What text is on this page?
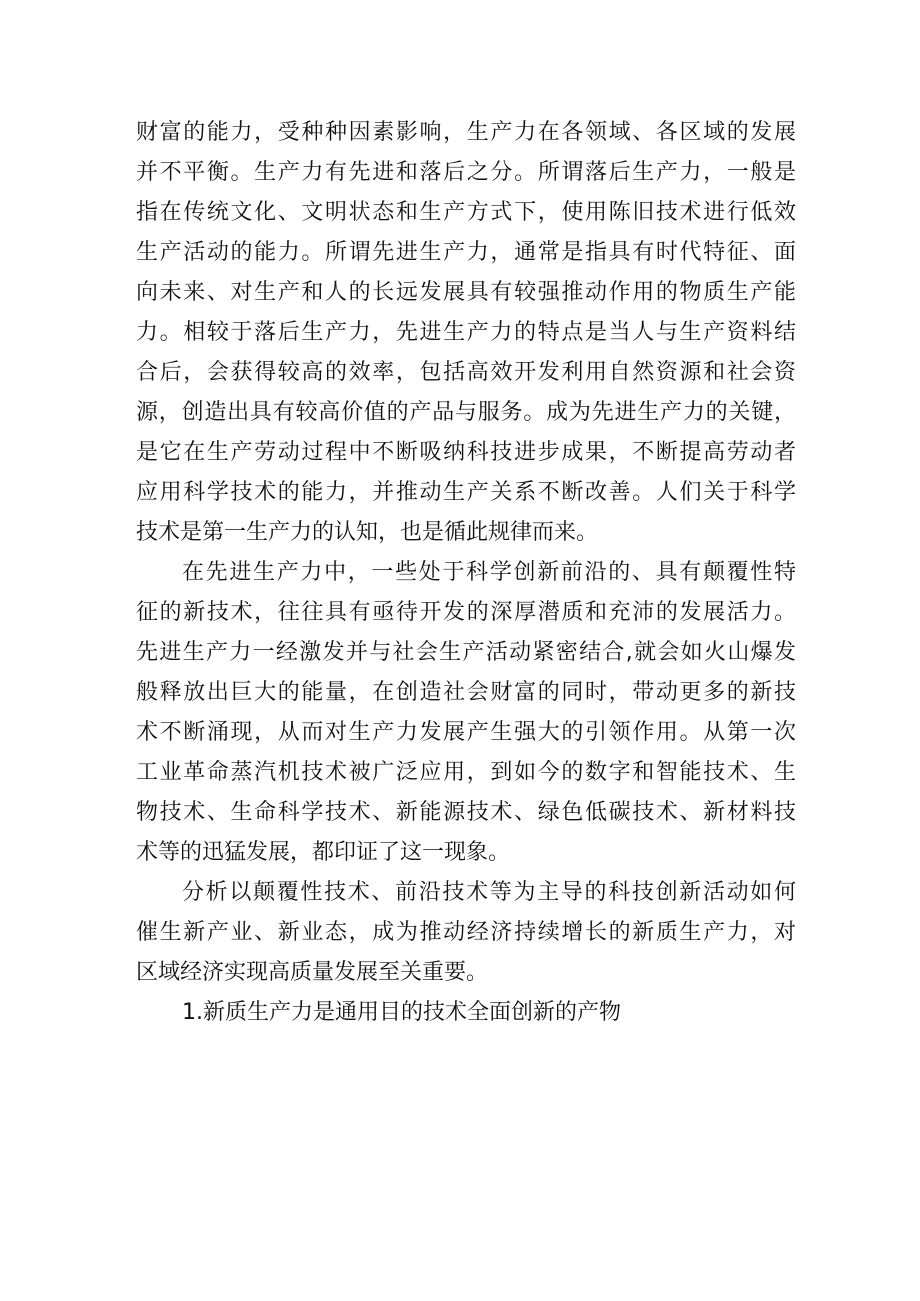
财富的能力，受种种因素影响，生产力在各领域、各区域的发展
并不平衡。生产力有先进和落后之分。所谓落后生产力，一般是
指在传统文化、文明状态和生产方式下，使用陈旧技术进行低效
生产活动的能力。所谓先进生产力，通常是指具有时代特征、面
向未来、对生产和人的长远发展具有较强推动作用的物质生产能
力。相较于落后生产力，先进生产力的特点是当人与生产资料结
合后，会获得较高的效率，包括高效开发利用自然资源和社会资
源，创造出具有较高价值的产品与服务。成为先进生产力的关键，
是它在生产劳动过程中不断吸纳科技进步成果，不断提高劳动者
应用科学技术的能力，并推动生产关系不断改善。人们关于科学
技术是第一生产力的认知，也是循此规律而来。
在先进生产力中，一些处于科学创新前沿的、具有颠覆性特
征的新技术，往往具有亟待开发的深厚潜质和充沛的发展活力。
先进生产力一经激发并与社会生产活动紧密结合,就会如火山爆发
般释放出巨大的能量，在创造社会财富的同时，带动更多的新技
术不断涌现，从而对生产力发展产生强大的引领作用。从第一次
工业革命蒸汽机技术被广泛应用，到如今的数字和智能技术、生
物技术、生命科学技术、新能源技术、绿色低碳技术、新材料技
术等的迅猛发展，都印证了这一现象。
分析以颠覆性技术、前沿技术等为主导的科技创新活动如何
催生新产业、新业态，成为推动经济持续增长的新质生产力，对
区域经济实现高质量发展至关重要。
1.新质生产力是通用目的技术全面创新的产物
